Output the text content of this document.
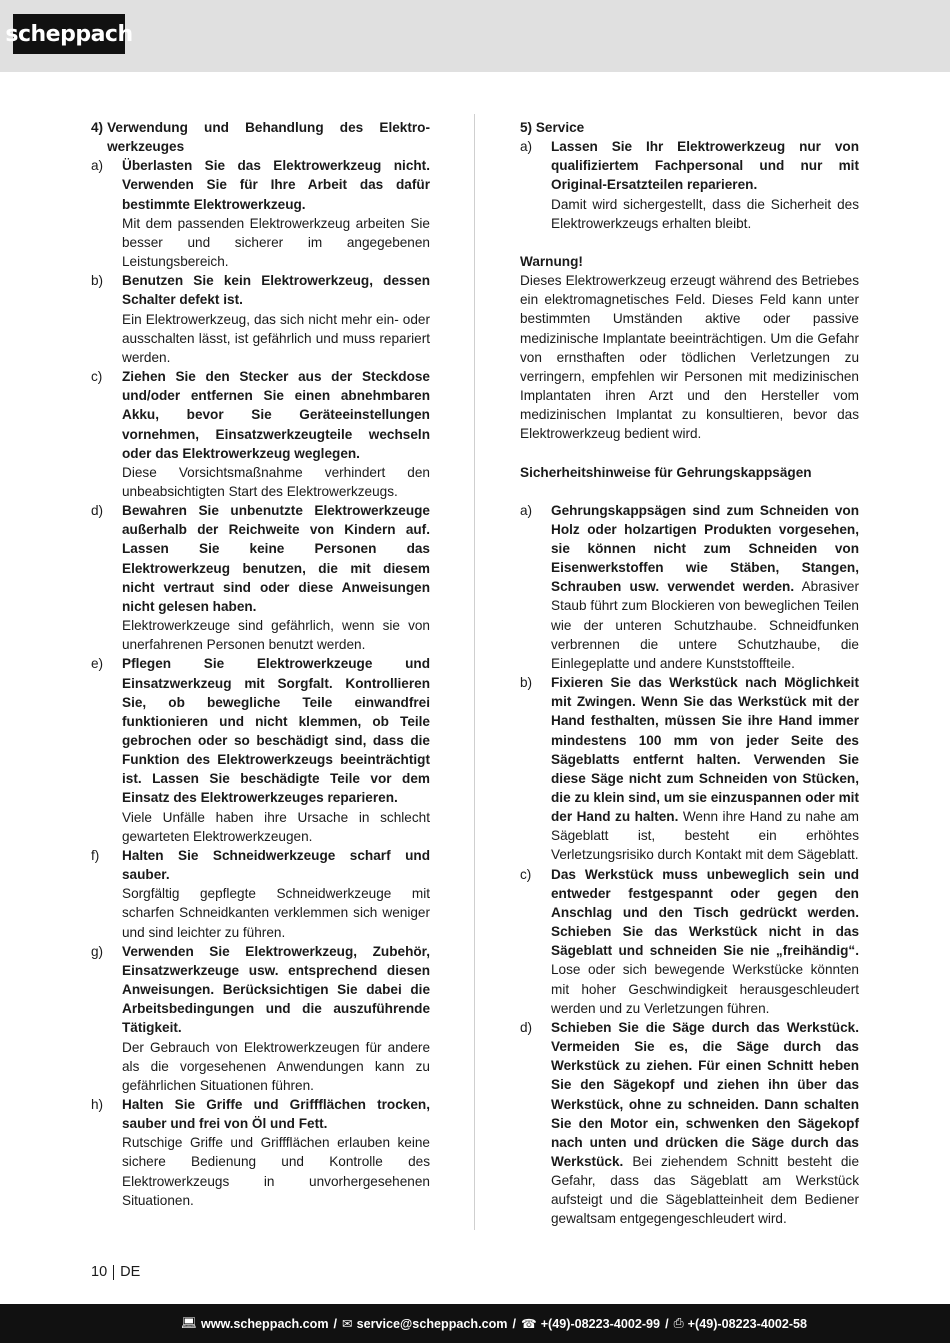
scheppach
4) Verwendung und Behandlung des Elektro-werkzeuges
a)	Überlasten Sie das Elektrowerkzeug nicht. Verwenden Sie für Ihre Arbeit das dafür bestimmte Elektrowerkzeug.
Mit dem passenden Elektrowerkzeug arbeiten Sie besser und sicherer im angegebenen Leistungsbereich.
b)	Benutzen Sie kein Elektrowerkzeug, dessen Schalter defekt ist.
Ein Elektrowerkzeug, das sich nicht mehr ein- oder ausschalten lässt, ist gefährlich und muss repariert werden.
c)	Ziehen Sie den Stecker aus der Steckdose und/oder entfernen Sie einen abnehmbaren Akku, bevor Sie Geräteeinstellungen vornehmen, Einsatzwerkzeugteile wechseln oder das Elektrowerkzeug weglegen.
Diese Vorsichtsmaßnahme verhindert den unbeabsichtigten Start des Elektrowerkzeugs.
d)	Bewahren Sie unbenutzte Elektrowerkzeuge außerhalb der Reichweite von Kindern auf. Lassen Sie keine Personen das Elektrowerkzeug benutzen, die mit diesem nicht vertraut sind oder diese Anweisungen nicht gelesen haben.
Elektrowerkzeuge sind gefährlich, wenn sie von unerfahrenen Personen benutzt werden.
e)	Pflegen Sie Elektrowerkzeuge und Einsatzwerkzeug mit Sorgfalt. Kontrollieren Sie, ob bewegliche Teile einwandfrei funktionieren und nicht klemmen, ob Teile gebrochen oder so beschädigt sind, dass die Funktion des Elektrowerkzeugs beeinträchtigt ist. Lassen Sie beschädigte Teile vor dem Einsatz des Elektrowerkzeuges reparieren.
Viele Unfälle haben ihre Ursache in schlecht gewarteten Elektrowerkzeugen.
f)	Halten Sie Schneidwerkzeuge scharf und sauber.
Sorgfältig gepflegte Schneidwerkzeuge mit scharfen Schneidkanten verklemmen sich weniger und sind leichter zu führen.
g)	Verwenden Sie Elektrowerkzeug, Zubehör, Einsatzwerkzeuge usw. entsprechend diesen Anweisungen. Berücksichtigen Sie dabei die Arbeitsbedingungen und die auszuführende Tätigkeit.
Der Gebrauch von Elektrowerkzeugen für andere als die vorgesehenen Anwendungen kann zu gefährlichen Situationen führen.
h)	Halten Sie Griffe und Griffflächen trocken, sauber und frei von Öl und Fett.
Rutschige Griffe und Griffflächen erlauben keine sichere Bedienung und Kontrolle des Elektrowerkzeugs in unvorhergesehenen Situationen.

5) Service

a)	Lassen Sie Ihr Elektrowerkzeug nur von qualifiziertem Fachpersonal und nur mit Original-Ersatzteilen reparieren.
Damit wird sichergestellt, dass die Sicherheit des Elektrowerkzeugs erhalten bleibt.

Warnung!

Dieses Elektrowerkzeug erzeugt während des Betriebes ein elektromagnetisches Feld. Dieses Feld kann unter bestimmten Umständen aktive oder passive medizinische Implantate beeinträchtigen. Um die Gefahr von ernsthaften oder tödlichen Verletzungen zu verringern, empfehlen wir Personen mit medizinischen Implantaten ihren Arzt und den Hersteller vom medizinischen Implantat zu konsultieren, bevor das Elektrowerkzeug bedient wird.

Sicherheitshinweise für Gehrungskappsägen

a)	Gehrungskappsägen sind zum Schneiden von Holz oder holzartigen Produkten vorgesehen, sie können nicht zum Schneiden von Eisenwerkstoffen wie Stäben, Stangen, Schrauben usw. verwendet werden. Abrasiver Staub führt zum Blockieren von beweglichen Teilen wie der unteren Schutzhaube. Schneidfunken verbrennen die untere Schutzhaube, die Einlegeplatte und andere Kunststoffteile.
b)	Fixieren Sie das Werkstück nach Möglichkeit mit Zwingen. Wenn Sie das Werkstück mit der Hand festhalten, müssen Sie ihre Hand immer mindestens 100 mm von jeder Seite des Sägeblatts entfernt halten. Verwenden Sie diese Säge nicht zum Schneiden von Stücken, die zu klein sind, um sie einzuspannen oder mit der Hand zu halten. Wenn ihre Hand zu nahe am Sägeblatt ist, besteht ein erhöhtes Verletzungsrisiko durch Kontakt mit dem Sägeblatt.
c)	Das Werkstück muss unbeweglich sein und entweder festgespannt oder gegen den Anschlag und den Tisch gedrückt werden. Schieben Sie das Werkstück nicht in das Sägeblatt und schneiden Sie nie „freihändig“. Lose oder sich bewegende Werkstücke könnten mit hoher Geschwindigkeit herausgeschleudert werden und zu Verletzungen führen.
d)	Schieben Sie die Säge durch das Werkstück. Vermeiden Sie es, die Säge durch das Werkstück zu ziehen. Für einen Schnitt heben Sie den Sägekopf und ziehen ihn über das Werkstück, ohne zu schneiden. Dann schalten Sie den Motor ein, schwenken den Sägekopf nach unten und drücken die Säge durch das Werkstück. Bei ziehendem Schnitt besteht die Gefahr, dass das Sägeblatt am Werkstück aufsteigt und die Sägeblatteinheit dem Bediener gewaltsam entgegengeschleudert wird.
10 DE
💻︎ www.scheppach.com / ✉︎ service@scheppach.com / ☎︎ +(49)-08223-4002-99 / ⎙ +(49)-08223-4002-58
